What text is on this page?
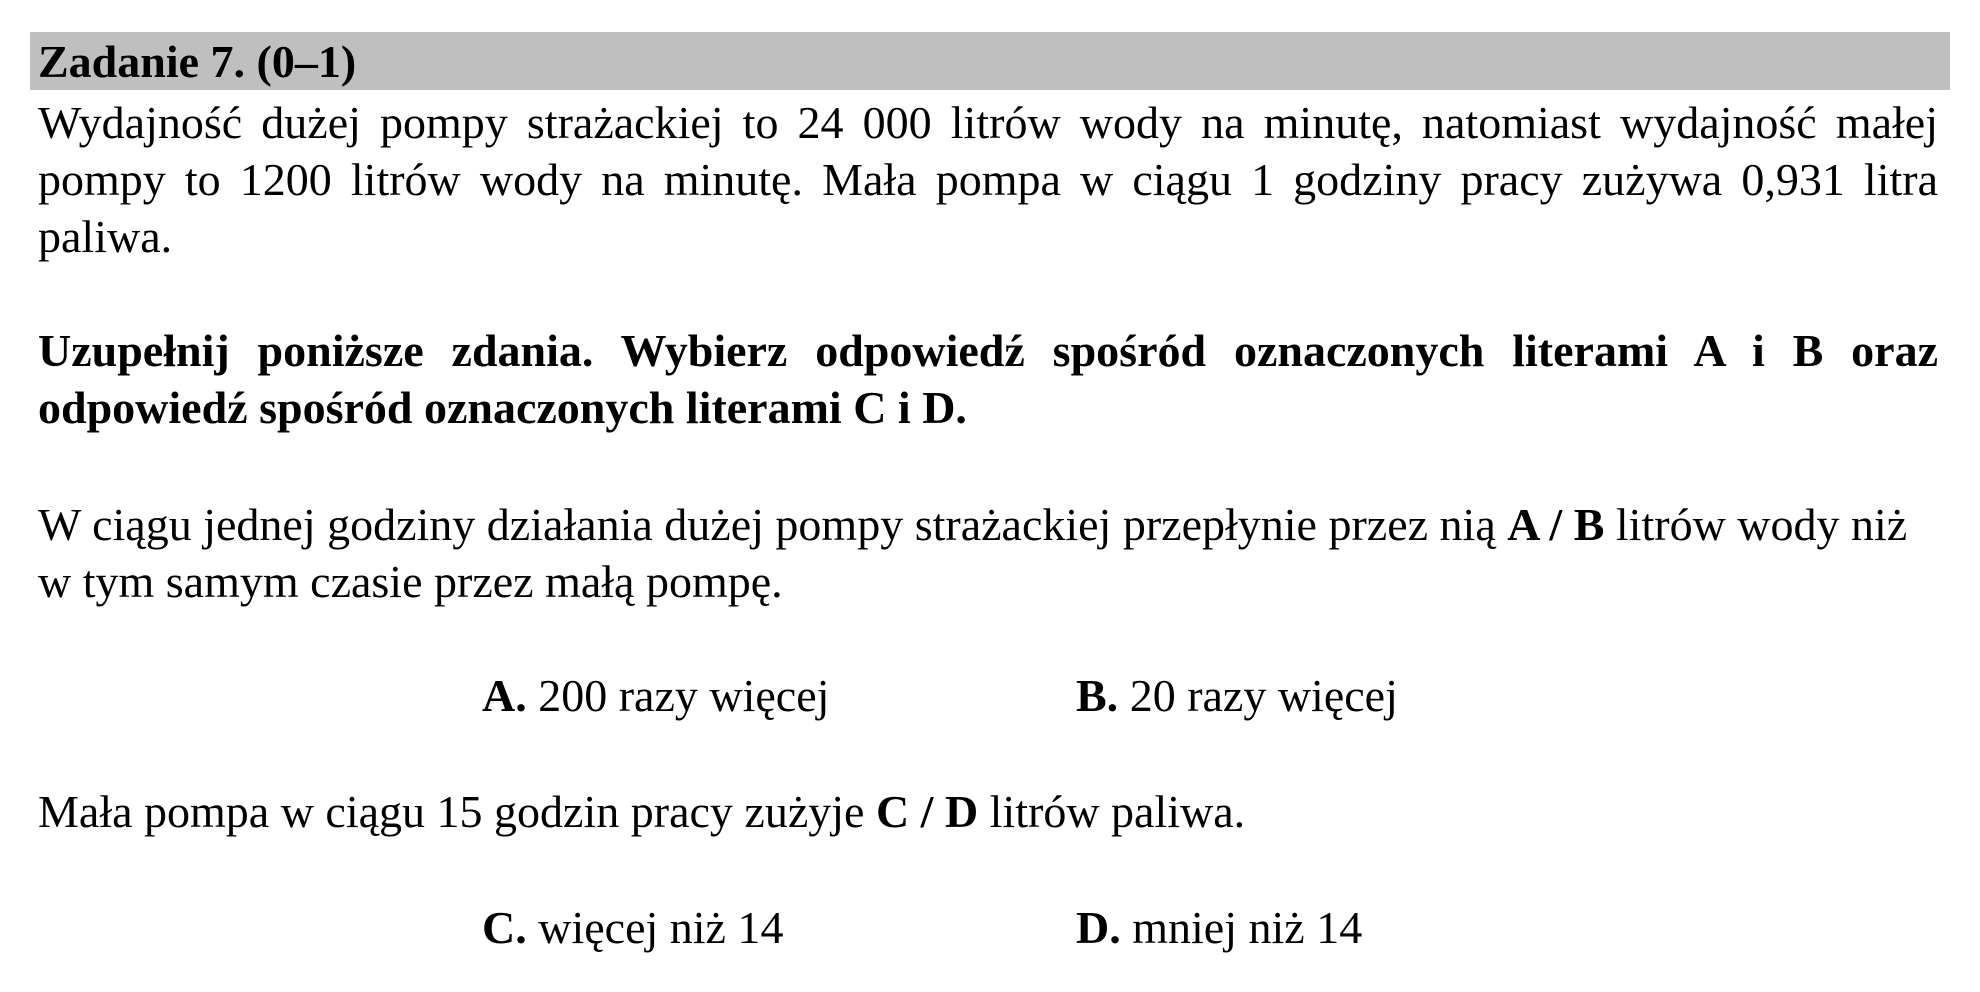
Zadanie 7. (0–1)
Wydajność dużej pompy strażackiej to 24 000 litrów wody na minutę, natomiast wydajność małej pompy to 1200 litrów wody na minutę. Mała pompa w ciągu 1 godziny pracy zużywa 0,931 litra paliwa.
Uzupełnij poniższe zdania. Wybierz odpowiedź spośród oznaczonych literami A i B oraz odpowiedź spośród oznaczonych literami C i D.
W ciągu jednej godziny działania dużej pompy strażackiej przepłynie przez nią A / B litrów wody niż w tym samym czasie przez małą pompę.
A. 200 razy więcej	B. 20 razy więcej
Mała pompa w ciągu 15 godzin pracy zużyje C / D litrów paliwa.
C. więcej niż 14	D. mniej niż 14
